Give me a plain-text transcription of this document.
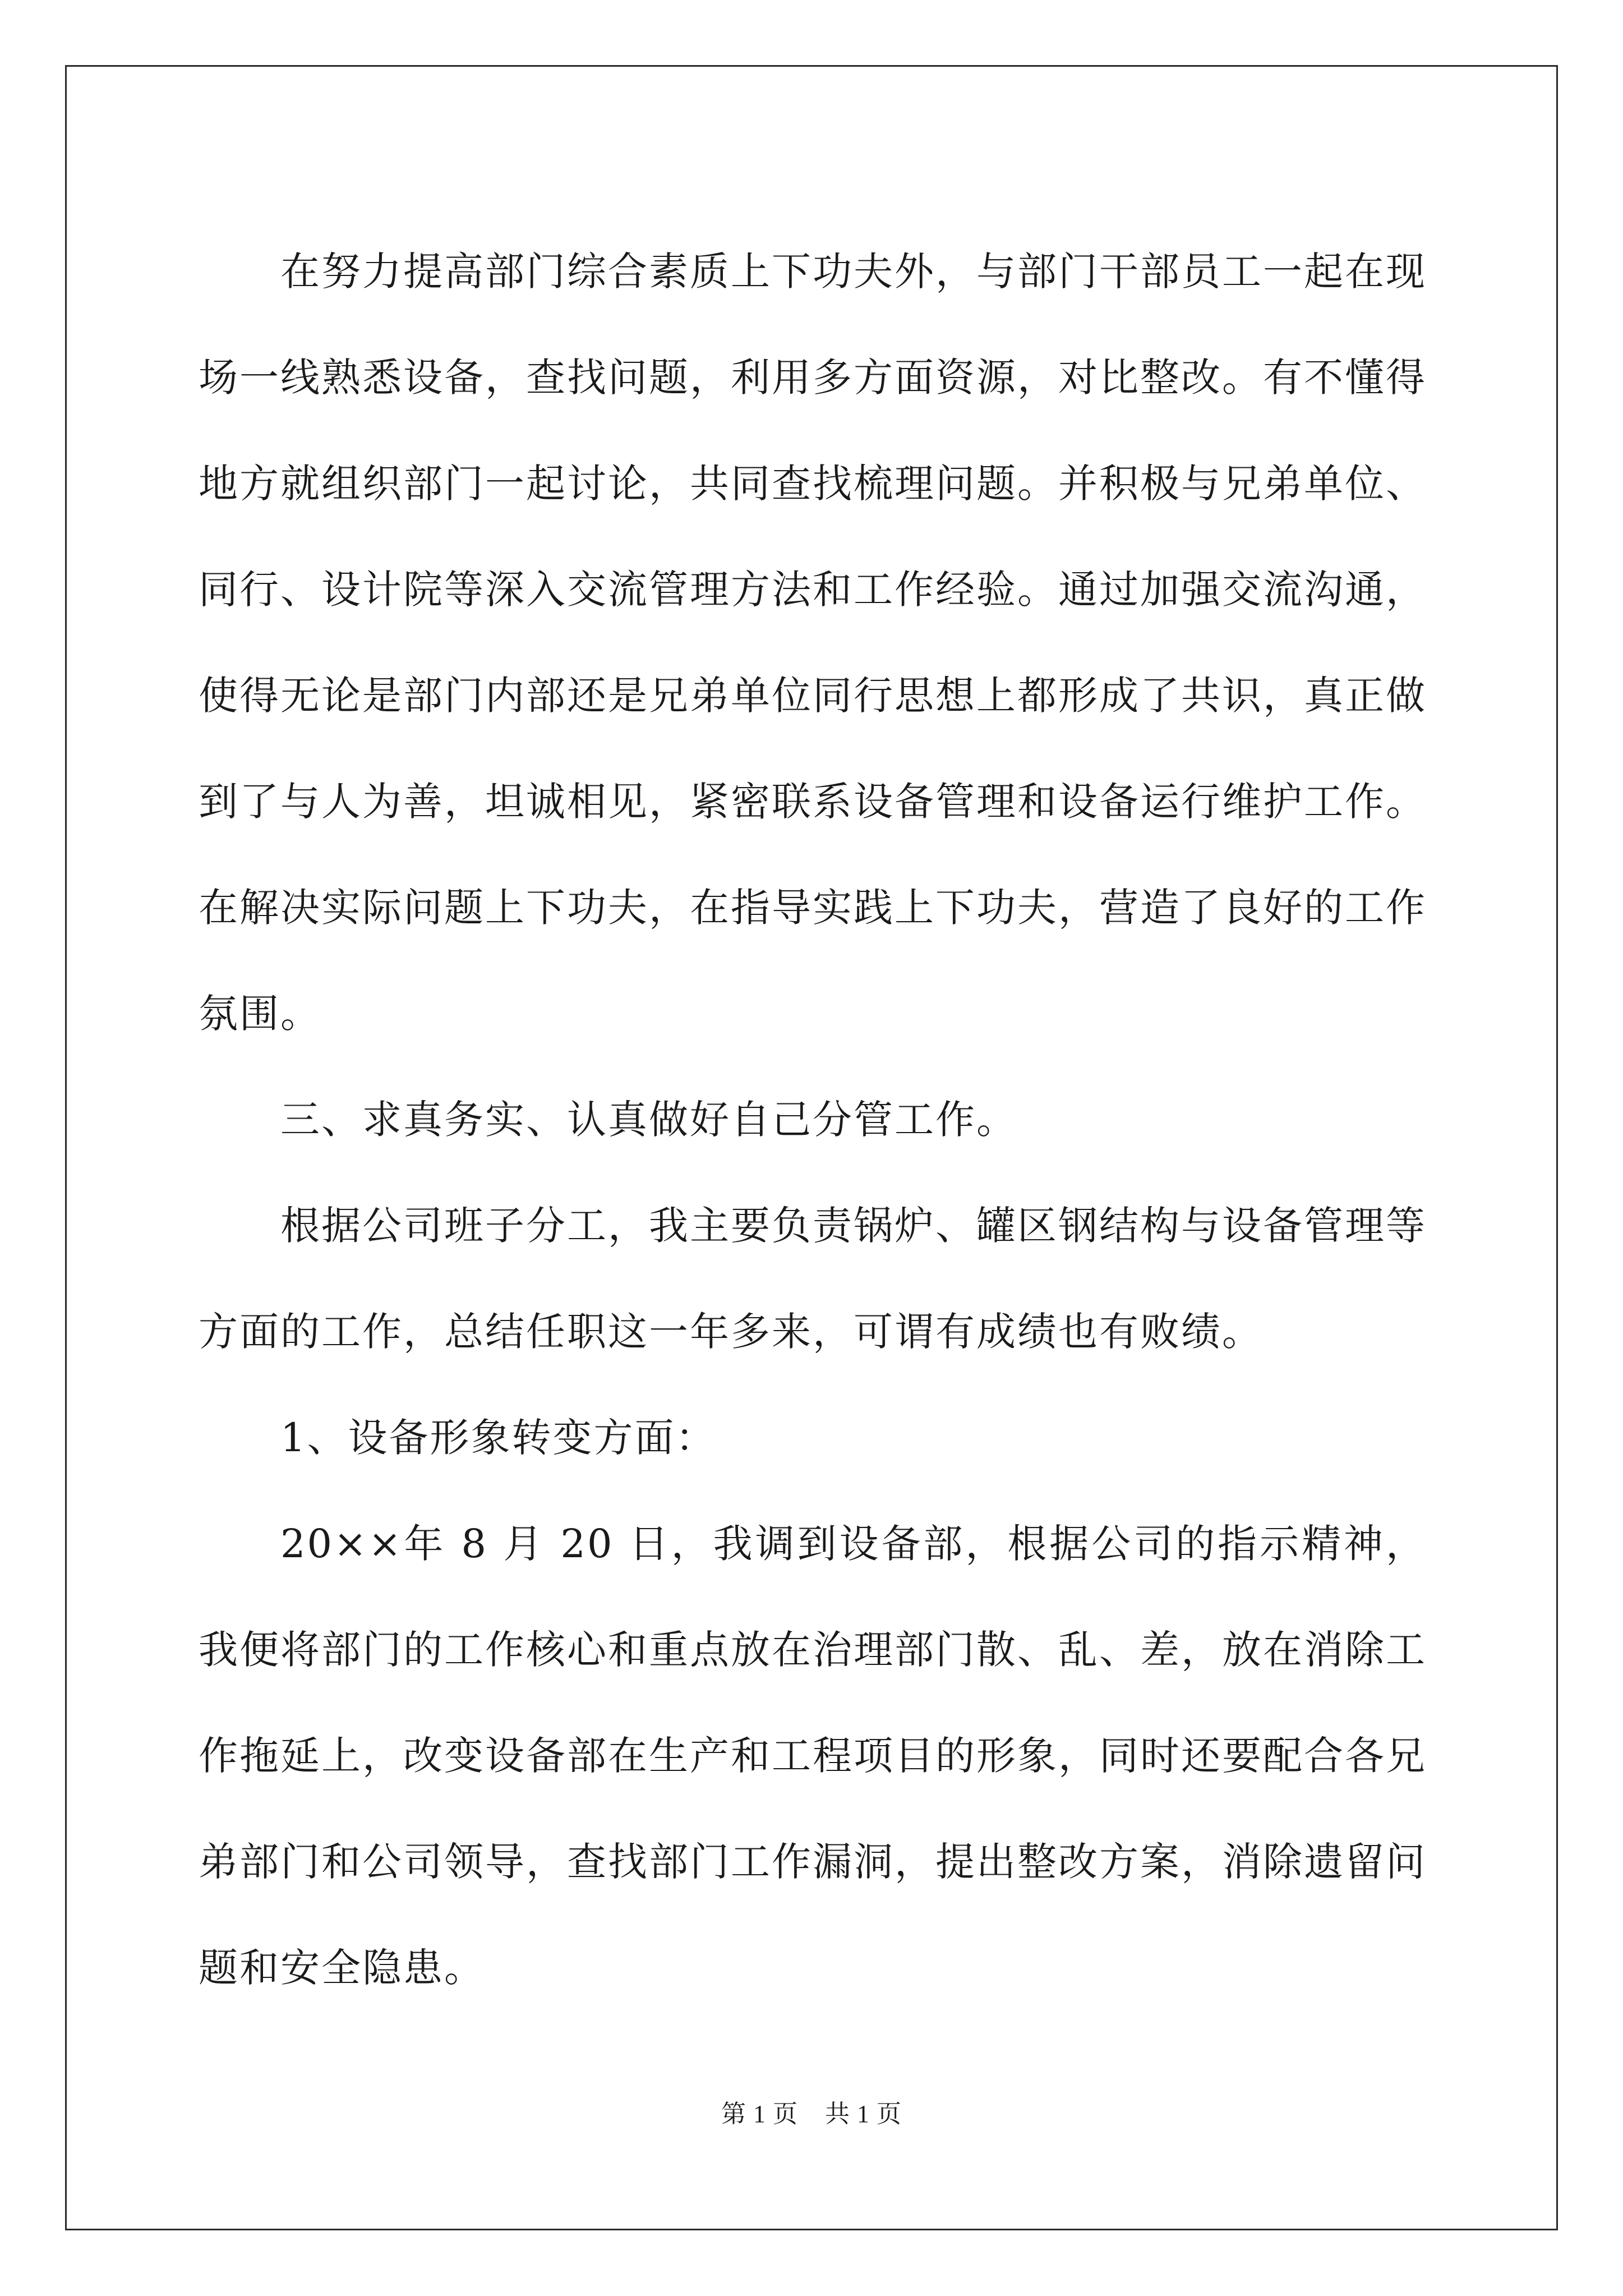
在努力提高部门综合素质上下功夫外，与部门干部员工一起在现场一线熟悉设备，查找问题，利用多方面资源，对比整改。有不懂得地方就组织部门一起讨论，共同查找梳理问题。并积极与兄弟单位、同行、设计院等深入交流管理方法和工作经验。通过加强交流沟通，使得无论是部门内部还是兄弟单位同行思想上都形成了共识，真正做到了与人为善，坦诚相见，紧密联系设备管理和设备运行维护工作。在解决实际问题上下功夫，在指导实践上下功夫，营造了良好的工作氛围。

三、求真务实、认真做好自己分管工作。

根据公司班子分工，我主要负责锅炉、罐区钢结构与设备管理等方面的工作，总结任职这一年多来，可谓有成绩也有败绩。

1、设备形象转变方面：

20××年 8 月 20 日，我调到设备部，根据公司的指示精神，我便将部门的工作核心和重点放在治理部门散、乱、差，放在消除工作拖延上，改变设备部在生产和工程项目的形象，同时还要配合各兄弟部门和公司领导，查找部门工作漏洞，提出整改方案，消除遗留问题和安全隐患。

第 1 页 共 1 页
